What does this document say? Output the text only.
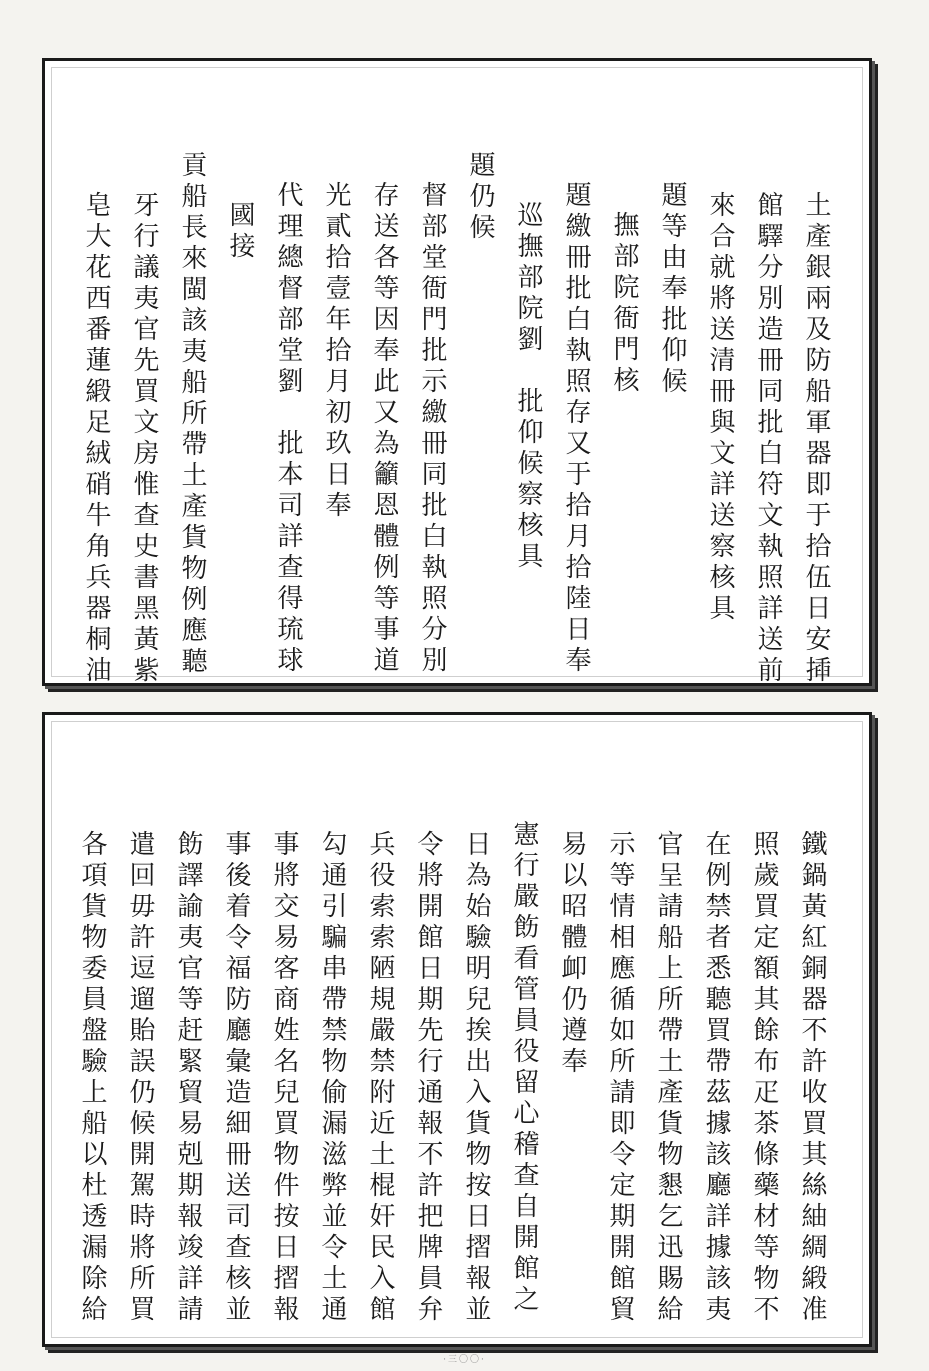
土產銀兩及防船軍器即于拾伍日安揷
館驛分別造冊同批白符文執照詳送前
來合就將送清冊與文詳送察核具
題等由奉批仰候
撫部院衙門核
題繳冊批白執照存又于拾月拾陸日奉
巡撫部院劉　批仰候察核具
題仍候
督部堂衙門批示繳冊同批白執照分別
存送各等因奉此又為籲恩體例等事道
光貳拾壹年拾月初玖日奉
代理總督部堂劉　批本司詳查得琉球
國接
貢船長來閩該夷船所帶土產貨物例應聽
牙行議夷官先買文房惟查史書黑黃紫
皂大花西番蓮緞足絨硝牛角兵器桐油
鐵鍋黃紅銅器不許收買其絲紬綢緞准
照歲買定額其餘布疋茶條藥材等物不
在例禁者悉聽買帶茲據該廳詳據該夷
官呈請船上所帶土產貨物懇乞迅賜給
示等情相應循如所請即令定期開館貿
易以昭體卹仍遵奉
憲行嚴飭看管員役留心稽查自開館之
日為始驗明兒挨出入貨物按日摺報並
令將開館日期先行通報不許把牌員弁
兵役索索陋規嚴禁附近土棍奸民入館
勾通引騙串帶禁物偷漏滋弊並令土通
事將交易客商姓名兒買物件按日摺報
事後着令福防廳彙造細冊送司查核並
飭譯諭夷官等赶緊貿易剋期報竣詳請
遣回毋許逗遛貽誤仍候開駕時將所買
各項貨物委員盤驗上船以杜透漏除給
·三〇〇·
